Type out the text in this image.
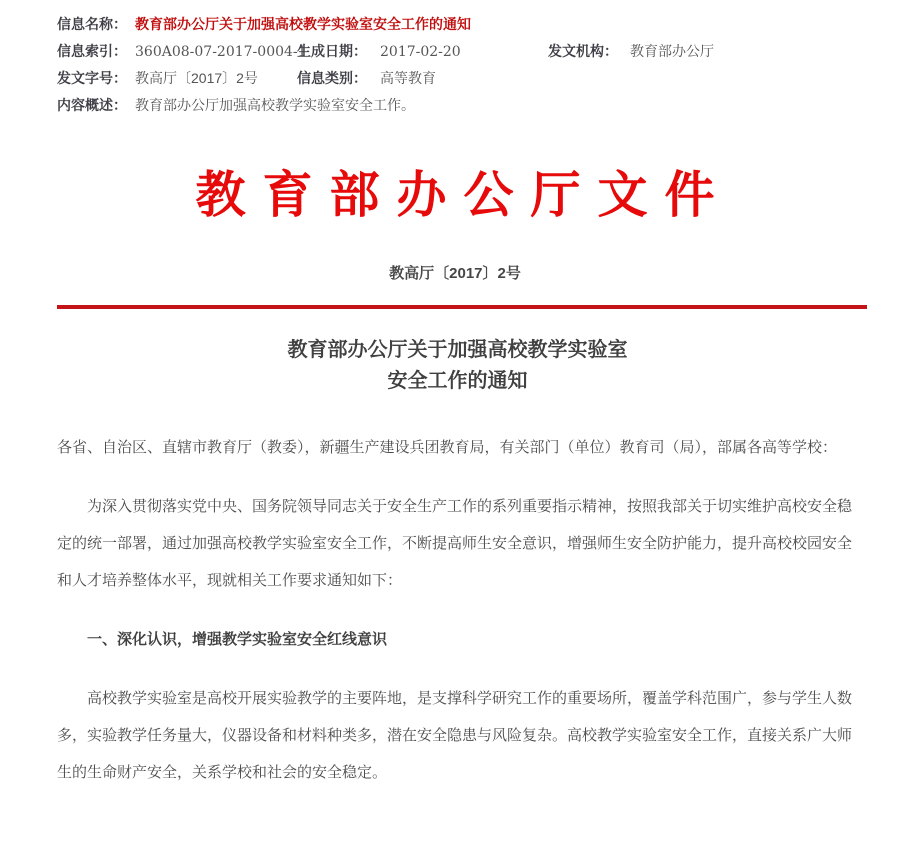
信息名称： 教育部办公厅关于加强高校教学实验室安全工作的通知
信息索引： 360A08-07-2017-0004-1
生成日期： 2017-02-20	发文机构： 教育部办公厅
发文字号： 教高厅〔2017〕2号	信息类别： 高等教育
内容概述： 教育部办公厅加强高校教学实验室安全工作。
教育部办公厅文件
教高厅〔2017〕2号
教育部办公厅关于加强高校教学实验室
安全工作的通知

各省、自治区、直辖市教育厅（教委），新疆生产建设兵团教育局，有关部门（单位）教育司（局），部属各高等学校：

为深入贯彻落实党中央、国务院领导同志关于安全生产工作的系列重要指示精神，按照我部关于切实维护高校安全稳定的统一部署，通过加强高校教学实验室安全工作，不断提高师生安全意识，增强师生安全防护能力，提升高校校园安全和人才培养整体水平，现就相关工作要求通知如下：

一、深化认识，增强教学实验室安全红线意识

高校教学实验室是高校开展实验教学的主要阵地，是支撑科学研究工作的重要场所，覆盖学科范围广，参与学生人数多，实验教学任务量大，仪器设备和材料种类多，潜在安全隐患与风险复杂。高校教学实验室安全工作，直接关系广大师生的生命财产安全，关系学校和社会的安全稳定。
